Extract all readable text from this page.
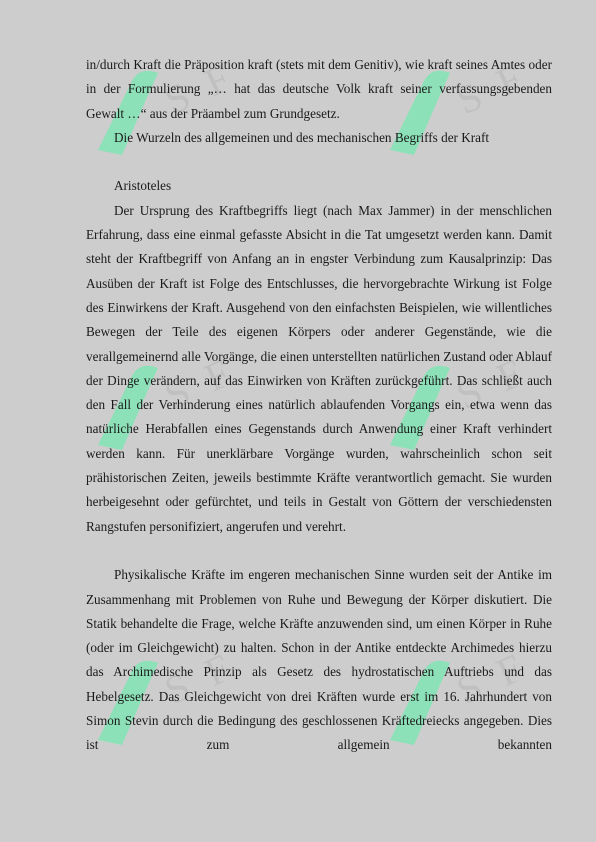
S F	S F
S F	S F
S F	S F

in/durch Kraft die Präposition kraft (stets mit dem Genitiv), wie kraft seines Amtes oder in der Formulierung „… hat das deutsche Volk kraft seiner verfassungsgebenden Gewalt …“ aus der Präambel zum Grundgesetz.

Die Wurzeln des allgemeinen und des mechanischen Begriffs der Kraft

Aristoteles

Der Ursprung des Kraftbegriffs liegt (nach Max Jammer) in der menschlichen Erfahrung, dass eine einmal gefasste Absicht in die Tat umgesetzt werden kann. Damit steht der Kraftbegriff von Anfang an in engster Verbindung zum Kausalprinzip: Das Ausüben der Kraft ist Folge des Entschlusses, die hervorgebrachte Wirkung ist Folge des Einwirkens der Kraft. Ausgehend von den einfachsten Beispielen, wie willentliches Bewegen der Teile des eigenen Körpers oder anderer Gegenstände, wie die verallgemeinernd alle Vorgänge, die einen unterstellten natürlichen Zustand oder Ablauf der Dinge verändern, auf das Einwirken von Kräften zurückgeführt. Das schließt auch den Fall der Verhinderung eines natürlich ablaufenden Vorgangs ein, etwa wenn das natürliche Herabfallen eines Gegenstands durch Anwendung einer Kraft verhindert werden kann. Für unerklärbare Vorgänge wurden, wahrscheinlich schon seit prähistorischen Zeiten, jeweils bestimmte Kräfte verantwortlich gemacht. Sie wurden herbeigesehnt oder gefürchtet, und teils in Gestalt von Göttern der verschiedensten Rangstufen personifiziert, angerufen und verehrt.

Physikalische Kräfte im engeren mechanischen Sinne wurden seit der Antike im Zusammenhang mit Problemen von Ruhe und Bewegung der Körper diskutiert. Die Statik behandelte die Frage, welche Kräfte anzuwenden sind, um einen Körper in Ruhe (oder im Gleichgewicht) zu halten. Schon in der Antike entdeckte Archimedes hierzu das Archimedische Prinzip als Gesetz des hydrostatischen Auftriebs und das Hebelgesetz. Das Gleichgewicht von drei Kräften wurde erst im 16. Jahrhundert von Simon Stevin durch die Bedingung des geschlossenen Kräftedreiecks angegeben. Dies ist zum allgemein bekannten
